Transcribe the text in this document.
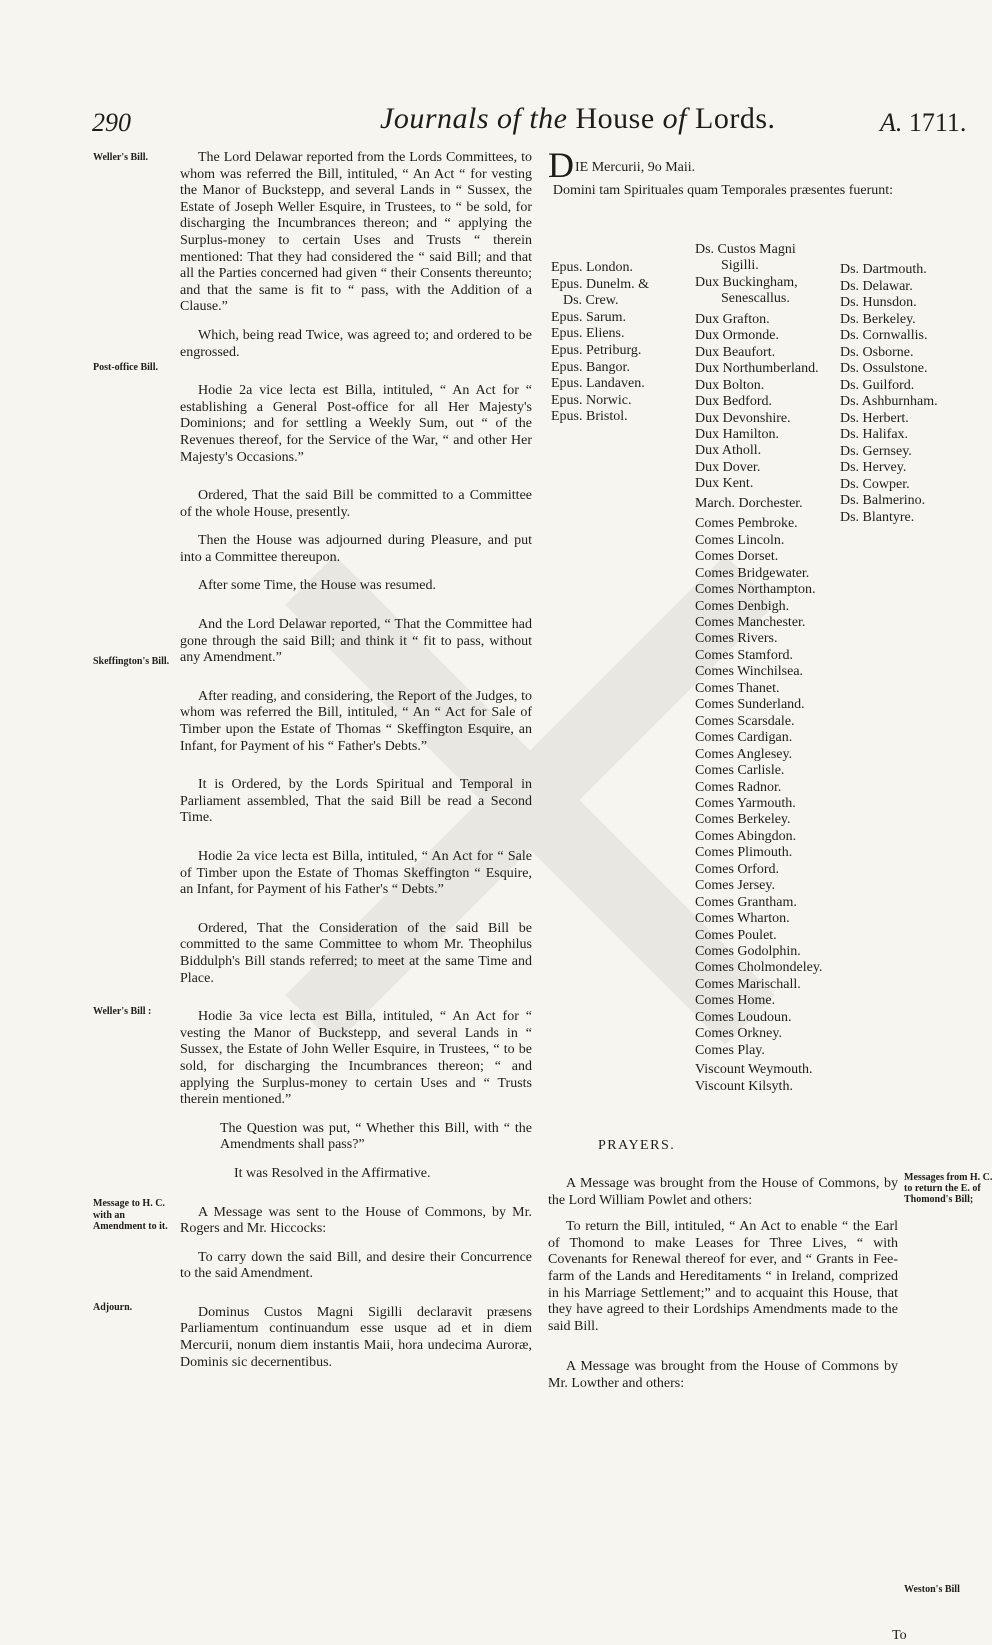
290	Journals of the House of Lords.	A. 1711.
Weller's Bill.
Post-office Bill.
Skeffington's Bill.
Weller's Bill :
Message to H. C. with an Amendment to it.
Adjourn.

The Lord Delawar reported from the Lords Committees, to whom was referred the Bill, intituled, “ An Act “ for vesting the Manor of Buckstepp, and several Lands in “ Sussex, the Estate of Joseph Weller Esquire, in Trustees, to “ be sold, for discharging the Incumbrances thereon; and “ applying the Surplus-money to certain Uses and Trusts “ therein mentioned: That they had considered the “ said Bill; and that all the Parties concerned had given “ their Consents thereunto; and that the same is fit to “ pass, with the Addition of a Clause.”

Which, being read Twice, was agreed to; and ordered to be engrossed.

Hodie 2a vice lecta est Billa, intituled, “ An Act for “ establishing a General Post-office for all Her Majesty's Dominions; and for settling a Weekly Sum, out “ of the Revenues thereof, for the Service of the War, “ and other Her Majesty's Occasions.”

Ordered, That the said Bill be committed to a Committee of the whole House, presently.

Then the House was adjourned during Pleasure, and put into a Committee thereupon.

After some Time, the House was resumed.

And the Lord Delawar reported, “ That the Committee had gone through the said Bill; and think it “ fit to pass, without any Amendment.”

After reading, and considering, the Report of the Judges, to whom was referred the Bill, intituled, “ An “ Act for Sale of Timber upon the Estate of Thomas “ Skeffington Esquire, an Infant, for Payment of his “ Father's Debts.”

It is Ordered, by the Lords Spiritual and Temporal in Parliament assembled, That the said Bill be read a Second Time.

Hodie 2a vice lecta est Billa, intituled, “ An Act for “ Sale of Timber upon the Estate of Thomas Skeffington “ Esquire, an Infant, for Payment of his Father's “ Debts.”

Ordered, That the Consideration of the said Bill be committed to the same Committee to whom Mr. Theophilus Biddulph's Bill stands referred; to meet at the same Time and Place.

Hodie 3a vice lecta est Billa, intituled, “ An Act for “ vesting the Manor of Buckstepp, and several Lands in “ Sussex, the Estate of John Weller Esquire, in Trustees, “ to be sold, for discharging the Incumbrances thereon; “ and applying the Surplus-money to certain Uses and “ Trusts therein mentioned.”

The Question was put, “ Whether this Bill, with “ the Amendments shall pass?”

It was Resolved in the Affirmative.

A Message was sent to the House of Commons, by Mr. Rogers and Mr. Hiccocks:

To carry down the said Bill, and desire their Concurrence to the said Amendment.

Dominus Custos Magni Sigilli declaravit præsens Parliamentum continuandum esse usque ad et in diem Mercurii, nonum diem instantis Maii, hora undecima Auroræ, Dominis sic decernentibus.

DIE Mercurii, 9o Maii.
Domini tam Spirituales quam Temporales præsentes fuerunt:
Epus. London.
Epus. Dunelm. &
Ds. Crew.
Epus. Sarum.
Epus. Eliens.
Epus. Petriburg.
Epus. Bangor.
Epus. Landaven.
Epus. Norwic.
Epus. Bristol.
Ds. Custos Magni
Sigilli.
Dux Buckingham,
Senescallus.
Dux Grafton.
Dux Ormonde.
Dux Beaufort.
Dux Northumberland.
Dux Bolton.
Dux Bedford.
Dux Devonshire.
Dux Hamilton.
Dux Atholl.
Dux Dover.
Dux Kent.
March. Dorchester.
Comes Pembroke.
Comes Lincoln.
Comes Dorset.
Comes Bridgewater.
Comes Northampton.
Comes Denbigh.
Comes Manchester.
Comes Rivers.
Comes Stamford.
Comes Winchilsea.
Comes Thanet.
Comes Sunderland.
Comes Scarsdale.
Comes Cardigan.
Comes Anglesey.
Comes Carlisle.
Comes Radnor.
Comes Yarmouth.
Comes Berkeley.
Comes Abingdon.
Comes Plimouth.
Comes Orford.
Comes Jersey.
Comes Grantham.
Comes Wharton.
Comes Poulet.
Comes Godolphin.
Comes Cholmondeley.
Comes Marischall.
Comes Home.
Comes Loudoun.
Comes Orkney.
Comes Play.
Viscount Weymouth.
Viscount Kilsyth.
Ds. Dartmouth.
Ds. Delawar.
Ds. Hunsdon.
Ds. Berkeley.
Ds. Cornwallis.
Ds. Osborne.
Ds. Ossulstone.
Ds. Guilford.
Ds. Ashburnham.
Ds. Herbert.
Ds. Halifax.
Ds. Gernsey.
Ds. Hervey.
Ds. Cowper.
Ds. Balmerino.
Ds. Blantyre.
PRAYERS.
Messages from H. C. to return the E. of Thomond's Bill;
Weston's Bill

A Message was brought from the House of Commons, by the Lord William Powlet and others:

To return the Bill, intituled, “ An Act to enable “ the Earl of Thomond to make Leases for Three Lives, “ with Covenants for Renewal thereof for ever, and “ Grants in Fee-farm of the Lands and Hereditaments “ in Ireland, comprized in his Marriage Settlement;” and to acquaint this House, that they have agreed to their Lordships Amendments made to the said Bill.

A Message was brought from the House of Commons by Mr. Lowther and others:

To
